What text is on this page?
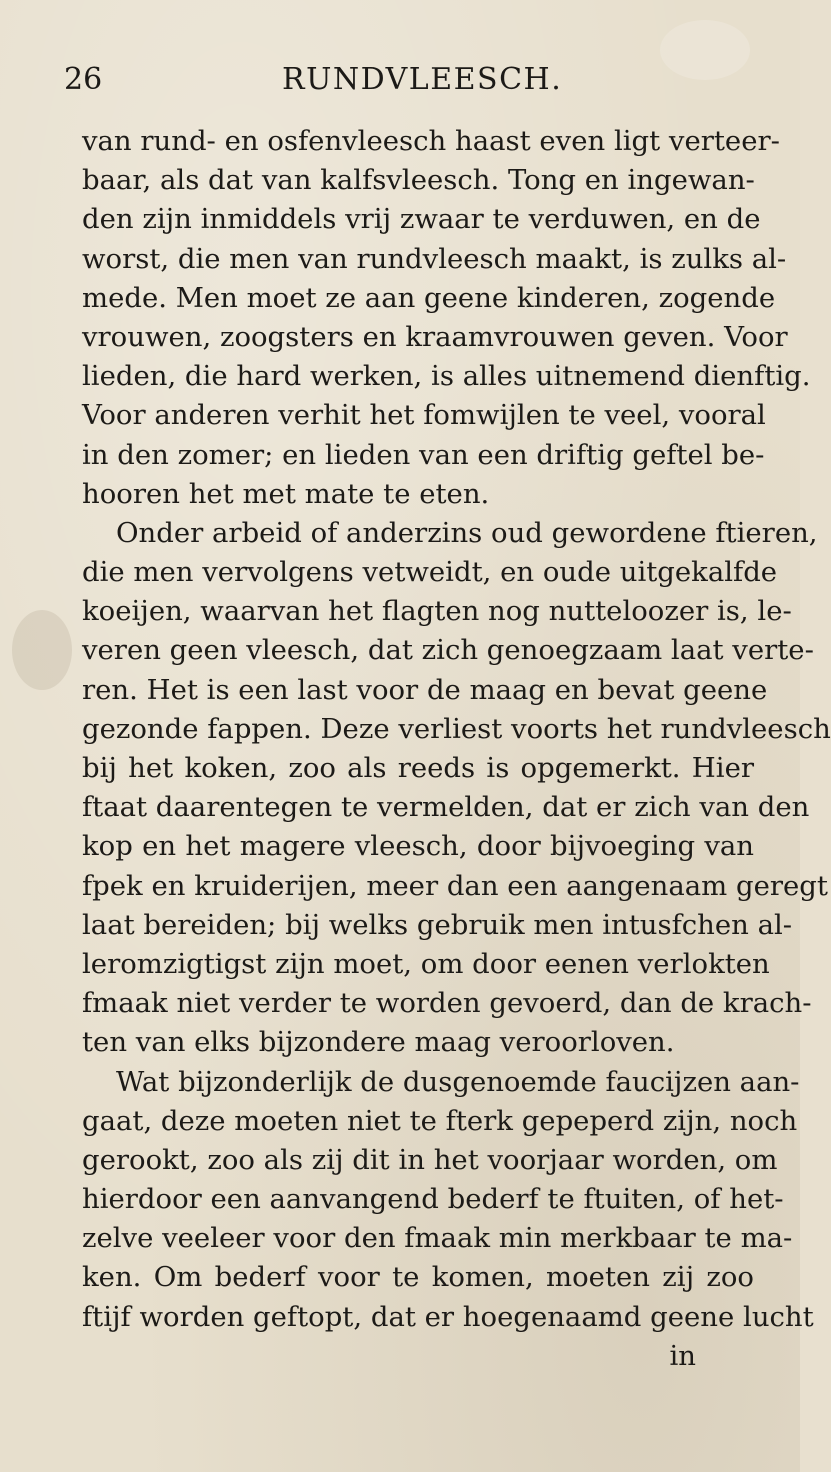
26	RUNDVLEESCH.
van rund- en osfenvleesch haast even ligt verteer-
baar, als dat van kalfsvleesch. Tong en ingewan-
den zijn inmiddels vrij zwaar te verduwen, en de
worst, die men van rundvleesch maakt, is zulks al-
mede. Men moet ze aan geene kinderen, zogende
vrouwen, zoogsters en kraamvrouwen geven. Voor
lieden, die hard werken, is alles uitnemend dienftig.
Voor anderen verhit het fomwijlen te veel, vooral
in den zomer; en lieden van een driftig geftel be-
hooren het met mate te eten.
Onder arbeid of anderzins oud gewordene ftieren,
die men vervolgens vetweidt, en oude uitgekalfde
koeijen, waarvan het flagten nog nutteloozer is, le-
veren geen vleesch, dat zich genoegzaam laat verte-
ren. Het is een last voor de maag en bevat geene
gezonde fappen. Deze verliest voorts het rundvleesch
bij het koken, zoo als reeds is opgemerkt. Hier
ftaat daarentegen te vermelden, dat er zich van den
kop en het magere vleesch, door bijvoeging van
fpek en kruiderijen, meer dan een aangenaam geregt
laat bereiden; bij welks gebruik men intusfchen al-
leromzigtigst zijn moet, om door eenen verlokten
fmaak niet verder te worden gevoerd, dan de krach-
ten van elks bijzondere maag veroorloven.
Wat bijzonderlijk de dusgenoemde faucijzen aan-
gaat, deze moeten niet te fterk gepeperd zijn, noch
gerookt, zoo als zij dit in het voorjaar worden, om
hierdoor een aanvangend bederf te ftuiten, of het-
zelve veeleer voor den fmaak min merkbaar te ma-
ken. Om bederf voor te komen, moeten zij zoo
ftijf worden geftopt, dat er hoegenaamd geene lucht
in
